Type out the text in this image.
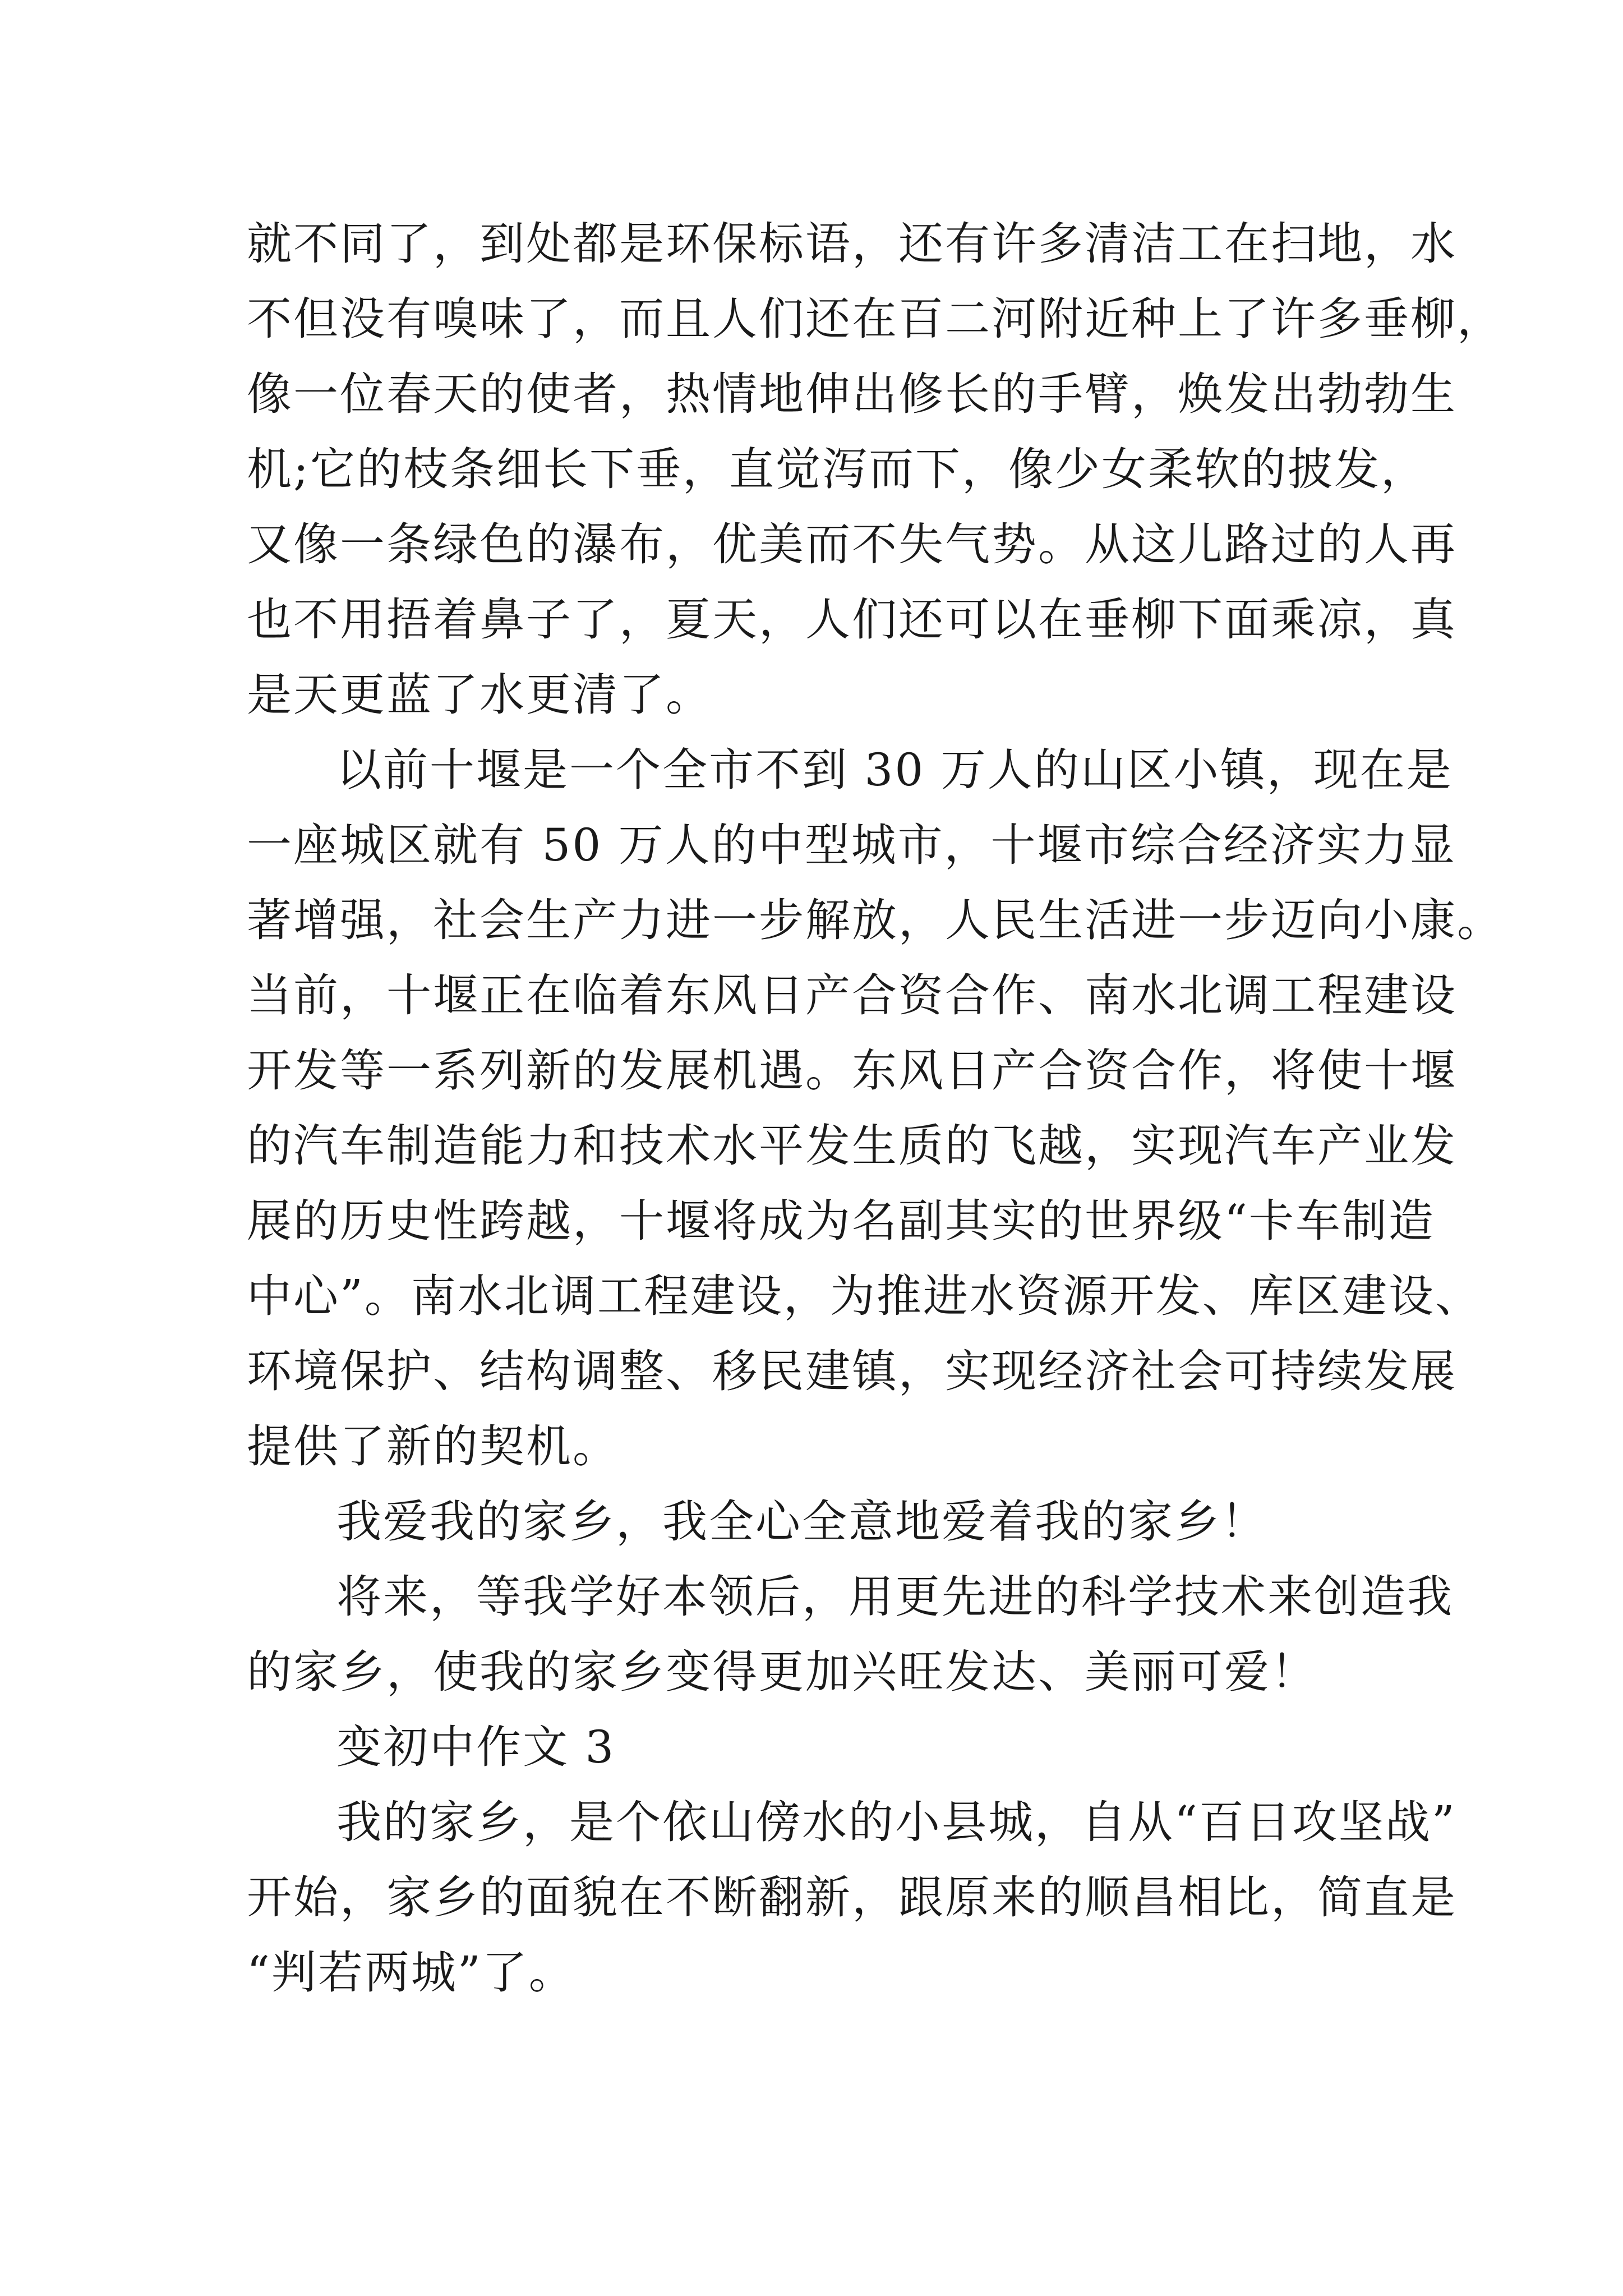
就不同了，到处都是环保标语，还有许多清洁工在扫地，水
不但没有嗅味了，而且人们还在百二河附近种上了许多垂柳，
像一位春天的使者，热情地伸出修长的手臂，焕发出勃勃生
机;它的枝条细长下垂，直觉泻而下，像少女柔软的披发，
又像一条绿色的瀑布，优美而不失气势。从这儿路过的人再
也不用捂着鼻子了，夏天，人们还可以在垂柳下面乘凉，真
是天更蓝了水更清了。
以前十堰是一个全市不到 30 万人的山区小镇，现在是
一座城区就有 50 万人的中型城市，十堰市综合经济实力显
著增强，社会生产力进一步解放，人民生活进一步迈向小康。
当前，十堰正在临着东风日产合资合作、南水北调工程建设
开发等一系列新的发展机遇。东风日产合资合作，将使十堰
的汽车制造能力和技术水平发生质的飞越，实现汽车产业发
展的历史性跨越，十堰将成为名副其实的世界级“卡车制造
中心”。南水北调工程建设，为推进水资源开发、库区建设、
环境保护、结构调整、移民建镇，实现经济社会可持续发展
提供了新的契机。
我爱我的家乡，我全心全意地爱着我的家乡！
将来，等我学好本领后，用更先进的科学技术来创造我
的家乡，使我的家乡变得更加兴旺发达、美丽可爱！
变初中作文 3
我的家乡，是个依山傍水的小县城，自从“百日攻坚战”
开始，家乡的面貌在不断翻新，跟原来的顺昌相比，简直是
“判若两城”了。
